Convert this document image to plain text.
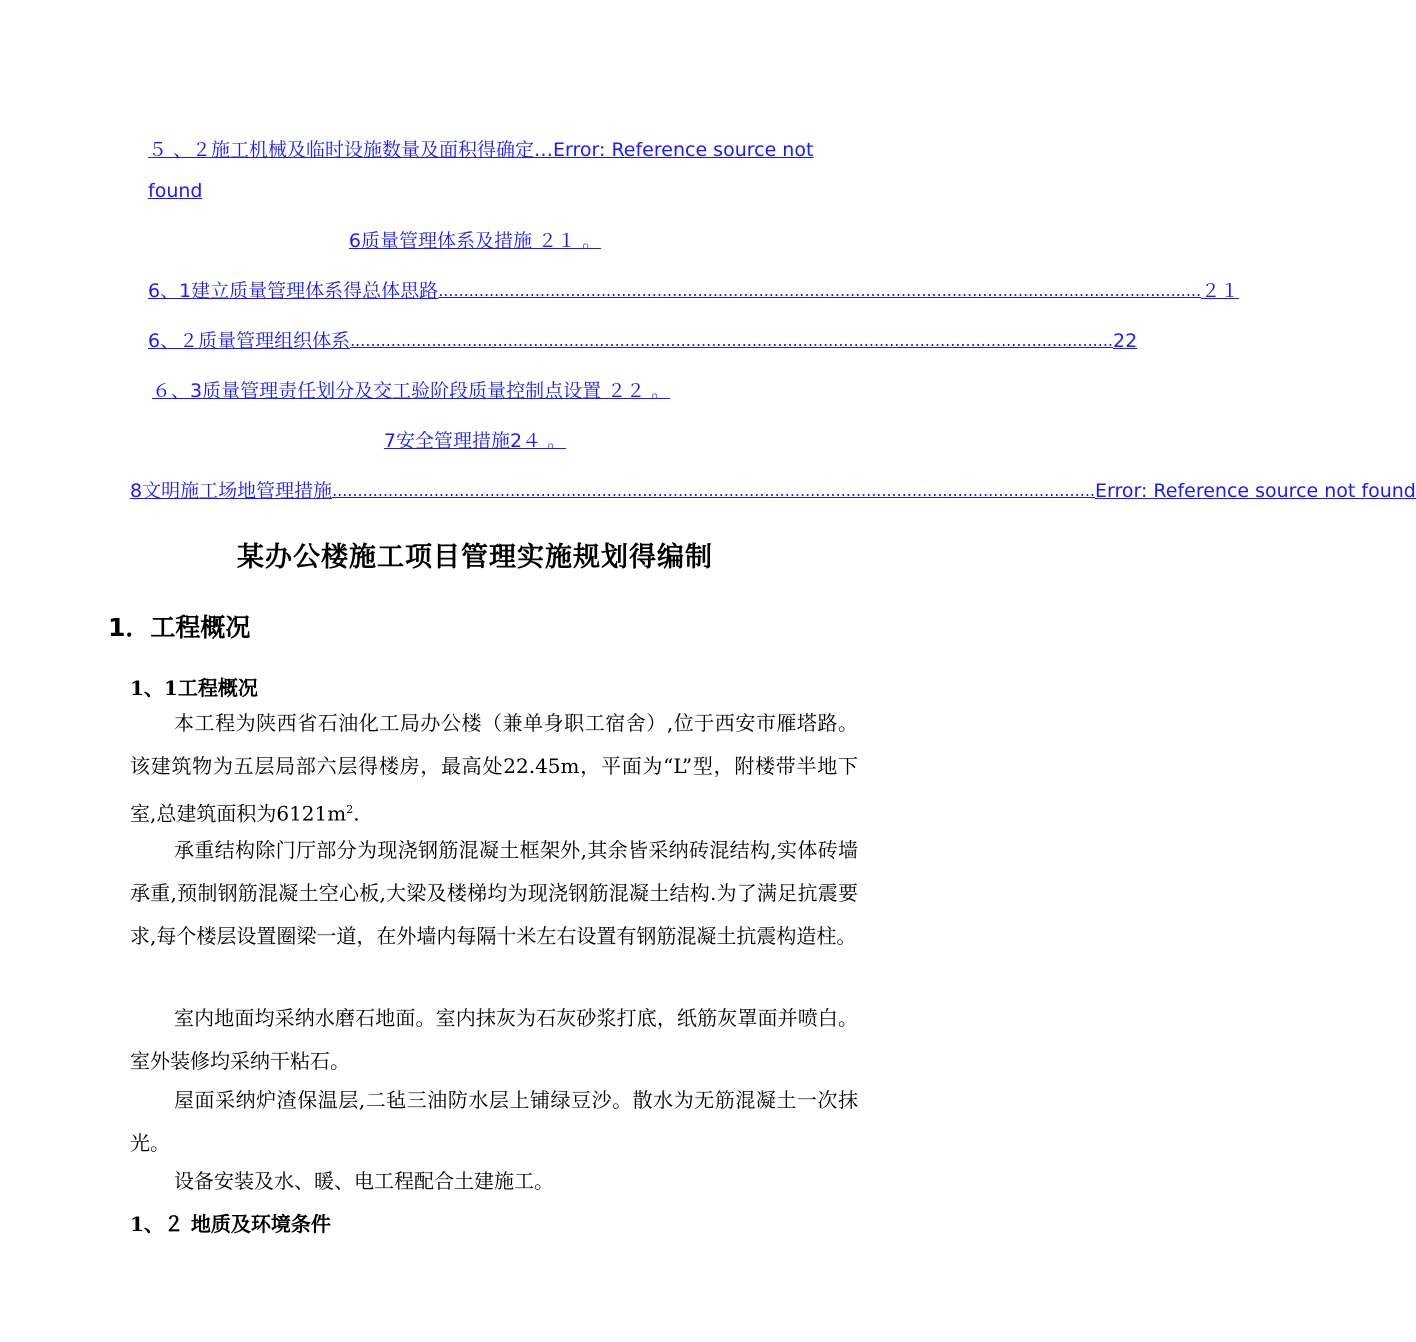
５ 、２施工机械及临时设施数量及面积得确定…Error: Reference source not
found
6质量管理体系及措施 ２１ 。
6、1建立质量管理体系得总体思路 ...................................................................................................................................................... ２１
6、２质量管理组织体系 ...................................................................................................................................................... 22
６、3质量管理责任划分及交工验阶段质量控制点设置 ２２ 。
7安全管理措施2４ 。
8文明施工场地管理措施 ...................................................................................................................................................... Error: Reference source not found
某办公楼施工项目管理实施规划得编制
1．工程概况
1、1工程概况

本工程为陕西省石油化工局办公楼（兼单身职工宿舍）,位于西安市雁塔路。该建筑物为五层局部六层得楼房，最高处22.45m，平面为“L”型，附楼带半地下室,总建筑面积为$6121m^2$.

承重结构除门厅部分为现浇钢筋混凝土框架外,其余皆采纳砖混结构,实体砖墙承重,预制钢筋混凝土空心板,大梁及楼梯均为现浇钢筋混凝土结构.为了满足抗震要求,每个楼层设置圈梁一道，在外墙内每隔十米左右设置有钢筋混凝土抗震构造柱。

室内地面均采纳水磨石地面。室内抹灰为石灰砂浆打底，纸筋灰罩面并喷白。室外装修均采纳干粘石。

屋面采纳炉渣保温层,二毡三油防水层上铺绿豆沙。散水为无筋混凝土一次抹光。

设备安装及水、暖、电工程配合土建施工。

1、２ 地质及环境条件
